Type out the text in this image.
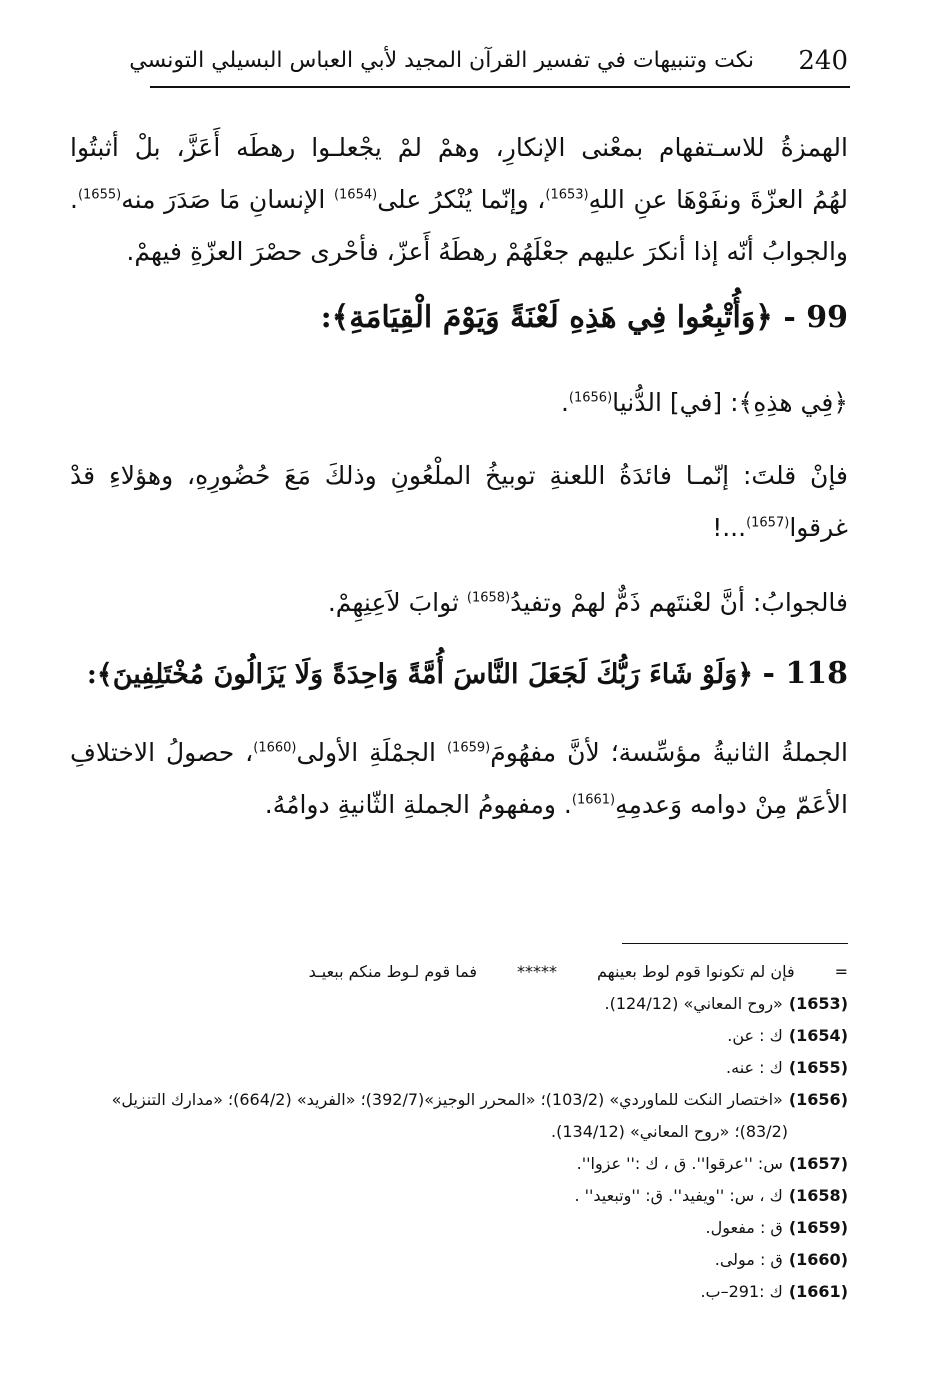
240
نكت وتنبيهات في تفسير القرآن المجيد لأبي العباس البسيلي التونسي
الهمزةُ للاسـتفهام بمعْنى الإنكارِ، وهمْ لمْ يجْعلـوا رهطَه أَعَزَّ، بلْ أثبتُوا
لهُمُ العزّةَ ونفَوْهَا عنِ اللهِ$^{(1653)}$، وإنّما يُنْكرُ على$^{(1654)}$ الإنسانِ مَا صَدَرَ منه$^{(1655)}$.
والجوابُ أنّه إذا أنكرَ عليهم جعْلَهُمْ رهطَهُ أَعزّ، فأحْرى حصْرَ العزّةِ فيهمْ.
99 - ﴿وَأُتْبِعُوا فِي هَذِهِ لَعْنَةً وَيَوْمَ الْقِيَامَةِ﴾:
﴿فِي هذِهِ﴾: [في] الدُّنيا$^{(1656)}$.
فإنْ قلتَ: إنّمـا فائدَةُ اللعنةِ توبيخُ الملْعُونِ وذلكَ مَعَ حُضُورِهِ، وهؤلاءِ قدْ
غرقوا$^{(1657)}$...!
فالجوابُ: أنَّ لعْنتَهم ذَمٌّ لهمْ وتفيدُ$^{(1658)}$ ثوابَ لاَعِنِهِمْ.
118 - ﴿وَلَوْ شَاءَ رَبُّكَ لَجَعَلَ النَّاسَ أُمَّةً وَاحِدَةً وَلَا يَزَالُونَ مُخْتَلِفِينَ﴾:
الجملةُ الثانيةُ مؤسِّسة؛ لأنَّ مفهُومَ$^{(1659)}$ الجمْلَةِ الأولى$^{(1660)}$، حصولُ الاختلافِ
الأعَمّ مِنْ دوامه وَعدمِهِ$^{(1661)}$. ومفهومُ الجملةِ الثّانيةِ دوامُهُ.
=
فإن لم تكونوا قوم لوط بعينهم
*****
فما قوم لـوط منكم ببعيـد
(1653)«روح المعاني» (124/12).
(1654)ك : عن.
(1655)ك : عنه.
(1656)«اختصار النكت للماوردي» (103/2)؛ «المحرر الوجيز»(392/7)؛ «الفريد» (664/2)؛ «مدارك التنزيل»
(83/2)؛ «روح المعاني» (134/12).
(1657)س: ''عرقوا''. ق ، ك :'' عزوا''.
(1658)ك ، س: ''ويفيد''. ق: ''وتبعيد'' .
(1659)ق : مفعول.
(1660)ق : مولى.
(1661)ك :291–ب.
